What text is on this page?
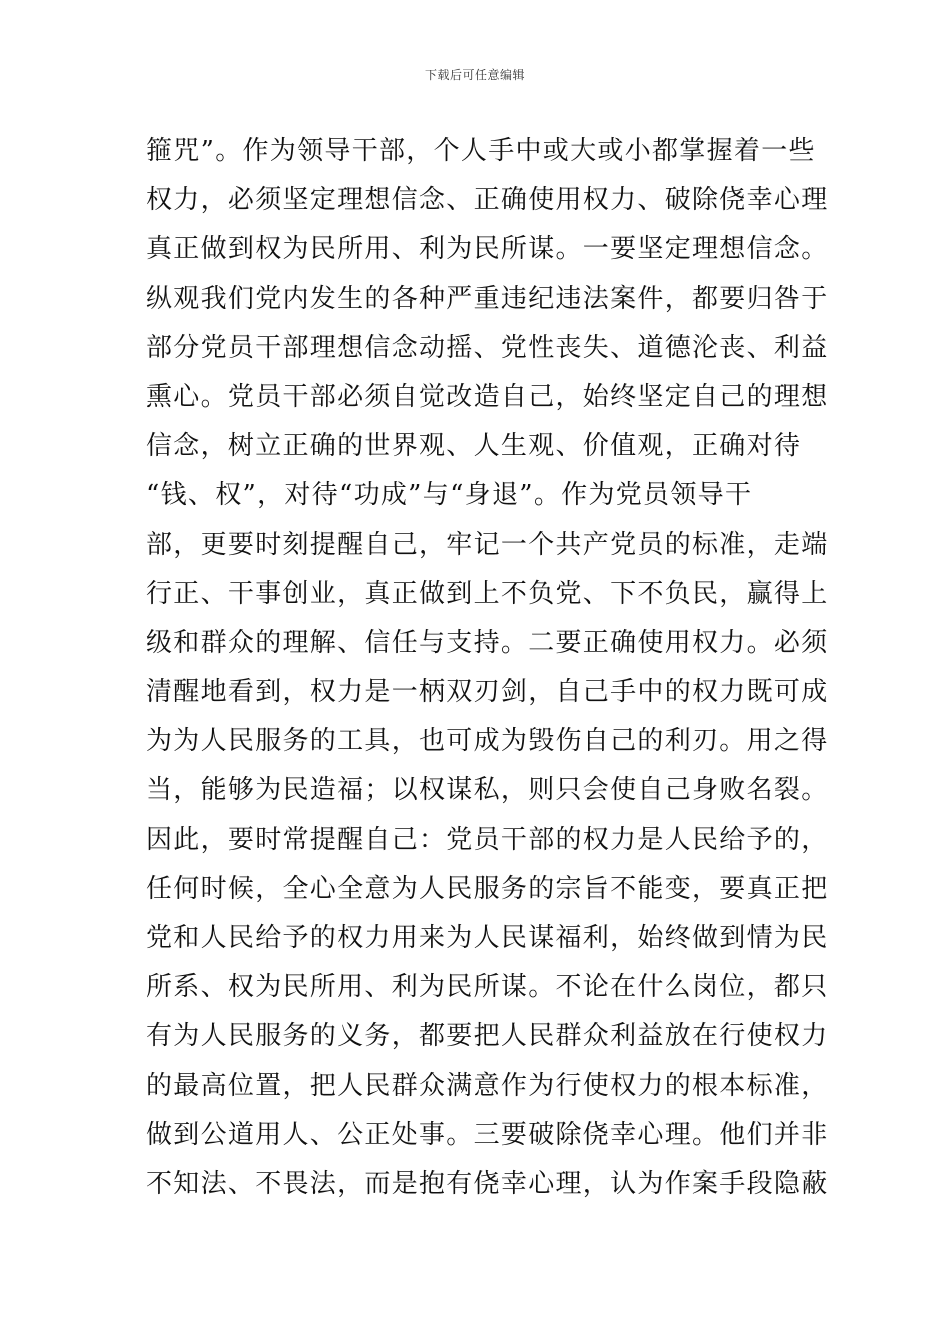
下载后可任意编辑
箍咒”。作为领导干部，个人手中或大或小都掌握着一些
权力，必须坚定理想信念、正确使用权力、破除侥幸心理
真正做到权为民所用、利为民所谋。一要坚定理想信念。
纵观我们党内发生的各种严重违纪违法案件，都要归咎于
部分党员干部理想信念动摇、党性丧失、道德沦丧、利益
熏心。党员干部必须自觉改造自己，始终坚定自己的理想
信念，树立正确的世界观、人生观、价值观，正确对待
“钱、权”，对待“功成”与“身退”。作为党员领导干
部，更要时刻提醒自己，牢记一个共产党员的标准，走端
行正、干事创业，真正做到上不负党、下不负民，赢得上
级和群众的理解、信任与支持。二要正确使用权力。必须
清醒地看到，权力是一柄双刃剑，自己手中的权力既可成
为为人民服务的工具，也可成为毁伤自己的利刃。用之得
当，能够为民造福；以权谋私，则只会使自己身败名裂。
因此，要时常提醒自己：党员干部的权力是人民给予的，
任何时候，全心全意为人民服务的宗旨不能变，要真正把
党和人民给予的权力用来为人民谋福利，始终做到情为民
所系、权为民所用、利为民所谋。不论在什么岗位，都只
有为人民服务的义务，都要把人民群众利益放在行使权力
的最高位置，把人民群众满意作为行使权力的根本标准，
做到公道用人、公正处事。三要破除侥幸心理。他们并非
不知法、不畏法，而是抱有侥幸心理，认为作案手段隐蔽
